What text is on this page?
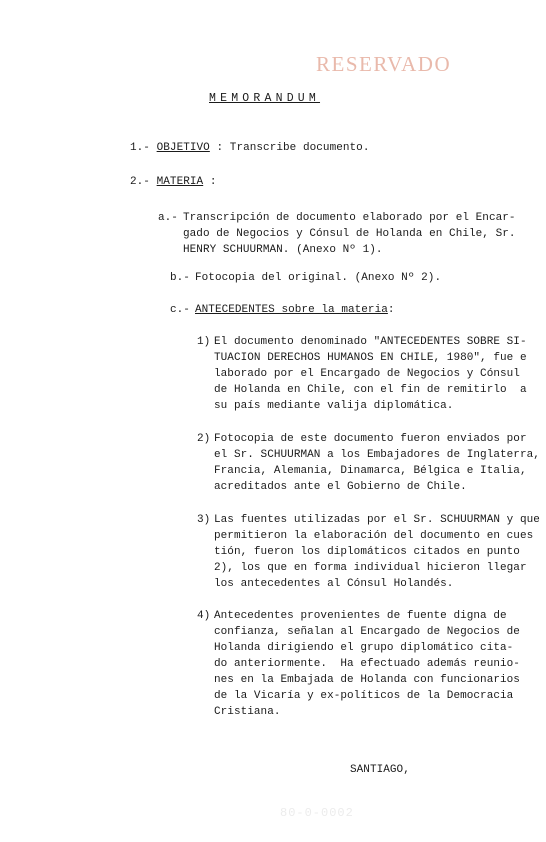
RESERVADO
MEMORANDUM
1.- OBJETIVO : Transcribe documento.
2.- MATERIA :
a.- Transcripción de documento elaborado por el Encar-
gado de Negocios y Cónsul de Holanda en Chile, Sr.
HENRY SCHUURMAN. (Anexo Nº 1).
b.- Fotocopia del original. (Anexo Nº 2).
c.- ANTECEDENTES sobre la materia:
1) El documento denominado "ANTECEDENTES SOBRE SI-
TUACION DERECHOS HUMANOS EN CHILE, 1980", fue e
laborado por el Encargado de Negocios y Cónsul
de Holanda en Chile, con el fin de remitirlo  a
su país mediante valija diplomática.
2) Fotocopia de este documento fueron enviados por
el Sr. SCHUURMAN a los Embajadores de Inglaterra,
Francia, Alemania, Dinamarca, Bélgica e Italia,
acreditados ante el Gobierno de Chile.
3) Las fuentes utilizadas por el Sr. SCHUURMAN y que
permitieron la elaboración del documento en cues
tión, fueron los diplomáticos citados en punto
2), los que en forma individual hicieron llegar
los antecedentes al Cónsul Holandés.
4) Antecedentes provenientes de fuente digna de
confianza, señalan al Encargado de Negocios de
Holanda dirigiendo el grupo diplomático cita-
do anteriormente.  Ha efectuado además reunio-
nes en la Embajada de Holanda con funcionarios
de la Vicaría y ex-políticos de la Democracia
Cristiana.
SANTIAGO,
80-0-0002
